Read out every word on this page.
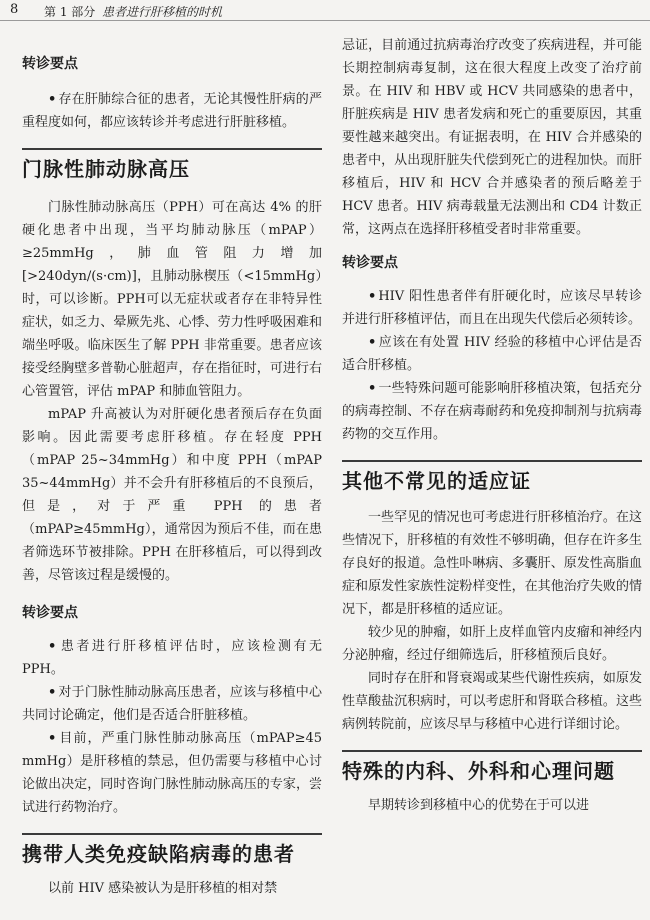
8 第 1 部分 患者进行肝移植的时机

转诊要点

• 存在肝肺综合征的患者，无论其慢性肝病的严重程度如何，都应该转诊并考虑进行肝脏移植。

门脉性肺动脉高压

门脉性肺动脉高压（PPH）可在高达 4% 的肝硬化患者中出现，当平均肺动脉压（mPAP）≥25mmHg，肺血管阻力增加[>240dyn/(s·cm)]，且肺动脉楔压（<15mmHg）时，可以诊断。PPH可以无症状或者存在非特异性症状，如乏力、晕厥先兆、心悸、劳力性呼吸困难和端坐呼吸。临床医生了解 PPH 非常重要。患者应该接受经胸壁多普勒心脏超声，存在指征时，可进行右心管置管，评估 mPAP 和肺血管阻力。

mPAP 升高被认为对肝硬化患者预后存在负面影响。因此需要考虑肝移植。存在轻度 PPH（mPAP 25~34mmHg）和中度 PPH（mPAP 35~44mmHg）并不会升有肝移植后的不良预后，但是，对于严重 PPH 的患者（mPAP≥45mmHg），通常因为预后不佳，而在患者筛选环节被排除。PPH 在肝移植后，可以得到改善，尽管该过程是缓慢的。

转诊要点

• 患者进行肝移植评估时，应该检测有无 PPH。

• 对于门脉性肺动脉高压患者，应该与移植中心共同讨论确定，他们是否适合肝脏移植。

• 目前，严重门脉性肺动脉高压（mPAP≥45 mmHg）是肝移植的禁忌，但仍需要与移植中心讨论做出决定，同时咨询门脉性肺动脉高压的专家，尝试进行药物治疗。

携带人类免疫缺陷病毒的患者

以前 HIV 感染被认为是肝移植的相对禁

忌证，目前通过抗病毒治疗改变了疾病进程，并可能长期控制病毒复制，这在很大程度上改变了治疗前景。在 HIV 和 HBV 或 HCV 共同感染的患者中，肝脏疾病是 HIV 患者发病和死亡的重要原因，其重要性越来越突出。有证据表明，在 HIV 合并感染的患者中，从出现肝脏失代偿到死亡的进程加快。而肝移植后，HIV 和 HCV 合并感染者的预后略差于 HCV 患者。HIV 病毒载量无法测出和 CD4 计数正常，这两点在选择肝移植受者时非常重要。

转诊要点

• HIV 阳性患者伴有肝硬化时，应该尽早转诊并进行肝移植评估，而且在出现失代偿后必须转诊。

• 应该在有处置 HIV 经验的移植中心评估是否适合肝移植。

• 一些特殊问题可能影响肝移植决策，包括充分的病毒控制、不存在病毒耐药和免疫抑制剂与抗病毒药物的交互作用。

其他不常见的适应证

一些罕见的情况也可考虑进行肝移植治疗。在这些情况下，肝移植的有效性不够明确，但存在许多生存良好的报道。急性卟啉病、多囊肝、原发性高脂血症和原发性家族性淀粉样变性，在其他治疗失败的情况下，都是肝移植的适应证。

较少见的肿瘤，如肝上皮样血管内皮瘤和神经内分泌肿瘤，经过仔细筛选后，肝移植预后良好。

同时存在肝和肾衰竭或某些代谢性疾病，如原发性草酸盐沉积病时，可以考虑肝和肾联合移植。这些病例转院前，应该尽早与移植中心进行详细讨论。

特殊的内科、外科和心理问题

早期转诊到移植中心的优势在于可以进
